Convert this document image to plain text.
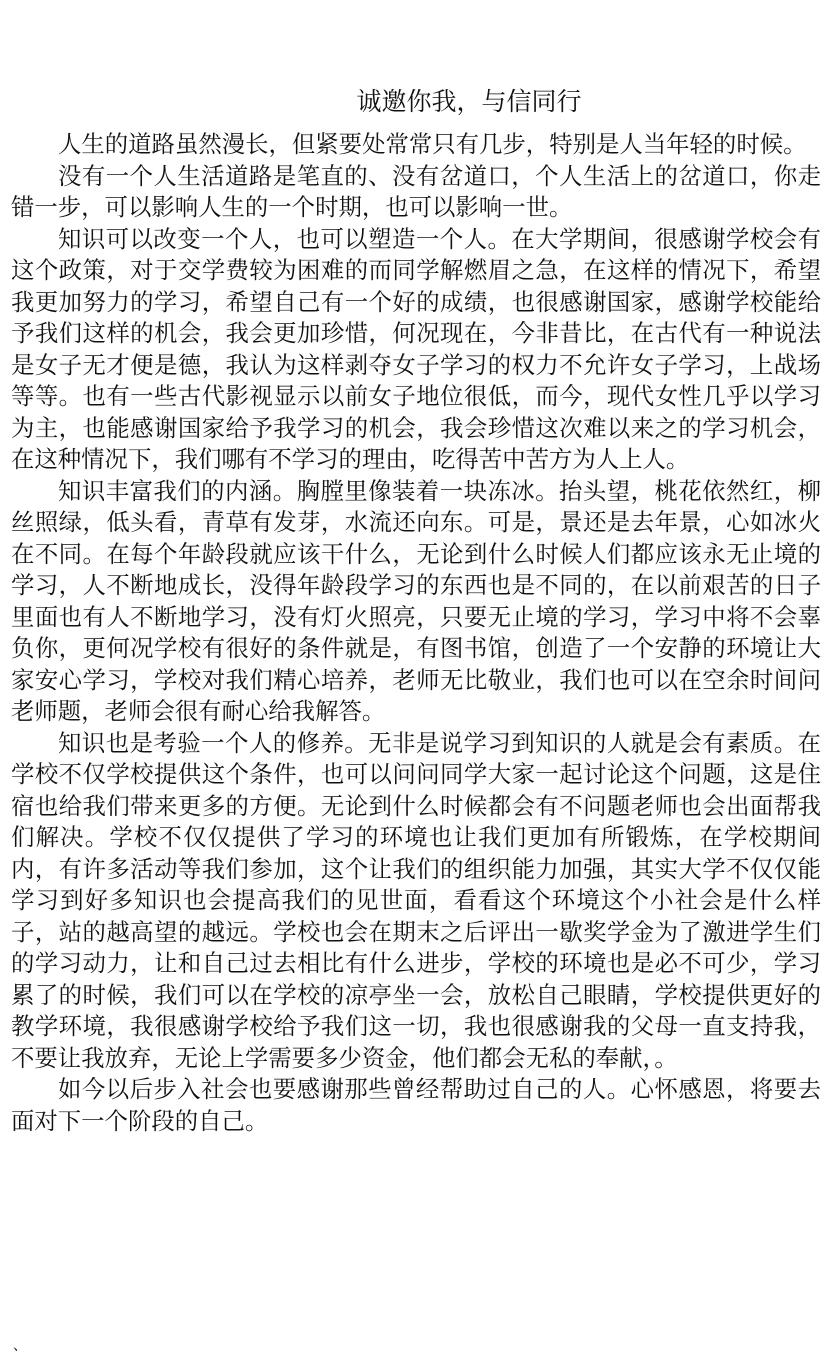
诚邀你我，与信同行

人生的道路虽然漫长，但紧要处常常只有几步，特别是人当年轻的时候。

没有一个人生活道路是笔直的、没有岔道口，个人生活上的岔道口，你走错一步，可以影响人生的一个时期，也可以影响一世。

知识可以改变一个人，也可以塑造一个人。在大学期间，很感谢学校会有这个政策，对于交学费较为困难的而同学解燃眉之急，在这样的情况下，希望我更加努力的学习，希望自己有一个好的成绩，也很感谢国家，感谢学校能给予我们这样的机会，我会更加珍惜，何况现在，今非昔比，在古代有一种说法是女子无才便是德，我认为这样剥夺女子学习的权力不允许女子学习，上战场等等。也有一些古代影视显示以前女子地位很低，而今，现代女性几乎以学习为主，也能感谢国家给予我学习的机会，我会珍惜这次难以来之的学习机会，在这种情况下，我们哪有不学习的理由，吃得苦中苦方为人上人。

知识丰富我们的内涵。胸膛里像装着一块冻冰。抬头望，桃花依然红，柳丝照绿，低头看，青草有发芽，水流还向东。可是，景还是去年景，心如冰火在不同。在每个年龄段就应该干什么，无论到什么时候人们都应该永无止境的学习，人不断地成长，没得年龄段学习的东西也是不同的，在以前艰苦的日子里面也有人不断地学习，没有灯火照亮，只要无止境的学习，学习中将不会辜负你，更何况学校有很好的条件就是，有图书馆，创造了一个安静的环境让大家安心学习，学校对我们精心培养，老师无比敬业，我们也可以在空余时间问老师题，老师会很有耐心给我解答。

知识也是考验一个人的修养。无非是说学习到知识的人就是会有素质。在学校不仅学校提供这个条件，也可以问问同学大家一起讨论这个问题，这是住宿也给我们带来更多的方便。无论到什么时候都会有不问题老师也会出面帮我们解决。学校不仅仅提供了学习的环境也让我们更加有所锻炼，在学校期间内，有许多活动等我们参加，这个让我们的组织能力加强，其实大学不仅仅能学习到好多知识也会提高我们的见世面，看看这个环境这个小社会是什么样子，站的越高望的越远。学校也会在期末之后评出一歇奖学金为了激进学生们的学习动力，让和自己过去相比有什么进步，学校的环境也是必不可少，学习累了的时候，我们可以在学校的凉亭坐一会，放松自己眼睛，学校提供更好的教学环境，我很感谢学校给予我们这一切，我也很感谢我的父母一直支持我，不要让我放弃，无论上学需要多少资金，他们都会无私的奉献，。

如今以后步入社会也要感谢那些曾经帮助过自己的人。心怀感恩，将要去面对下一个阶段的自己。

、
